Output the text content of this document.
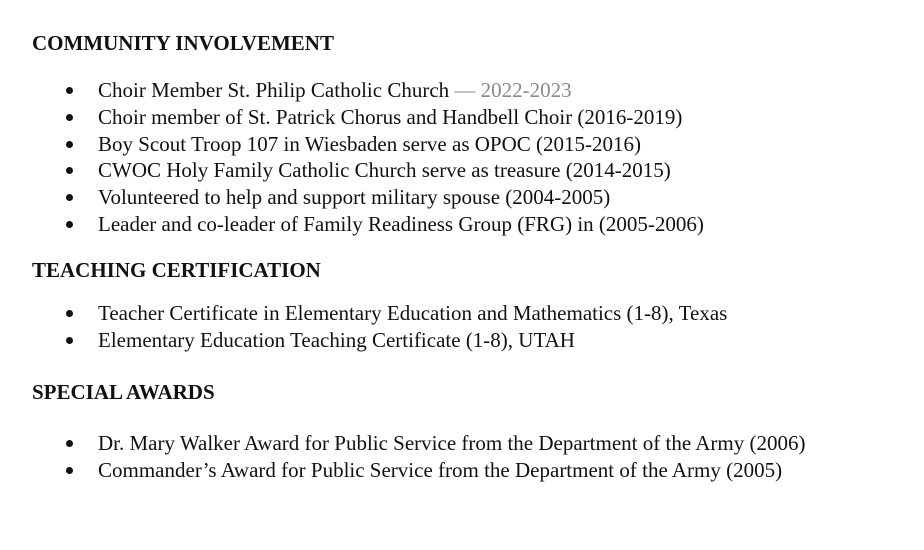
COMMUNITY INVOLVEMENT
Choir Member St. Philip Catholic Church — 2022-2023
Choir member of St. Patrick Chorus and Handbell Choir (2016-2019)
Boy Scout Troop 107 in Wiesbaden serve as OPOC (2015-2016)
CWOC Holy Family Catholic Church serve as treasure (2014-2015)
Volunteered to help and support military spouse (2004-2005)
Leader and co-leader of Family Readiness Group (FRG) in (2005-2006)
TEACHING CERTIFICATION
Teacher Certificate in Elementary Education and Mathematics (1-8), Texas
Elementary Education Teaching Certificate (1-8), UTAH
SPECIAL AWARDS
Dr. Mary Walker Award for Public Service from the Department of the Army (2006)
Commander’s Award for Public Service from the Department of the Army (2005)
